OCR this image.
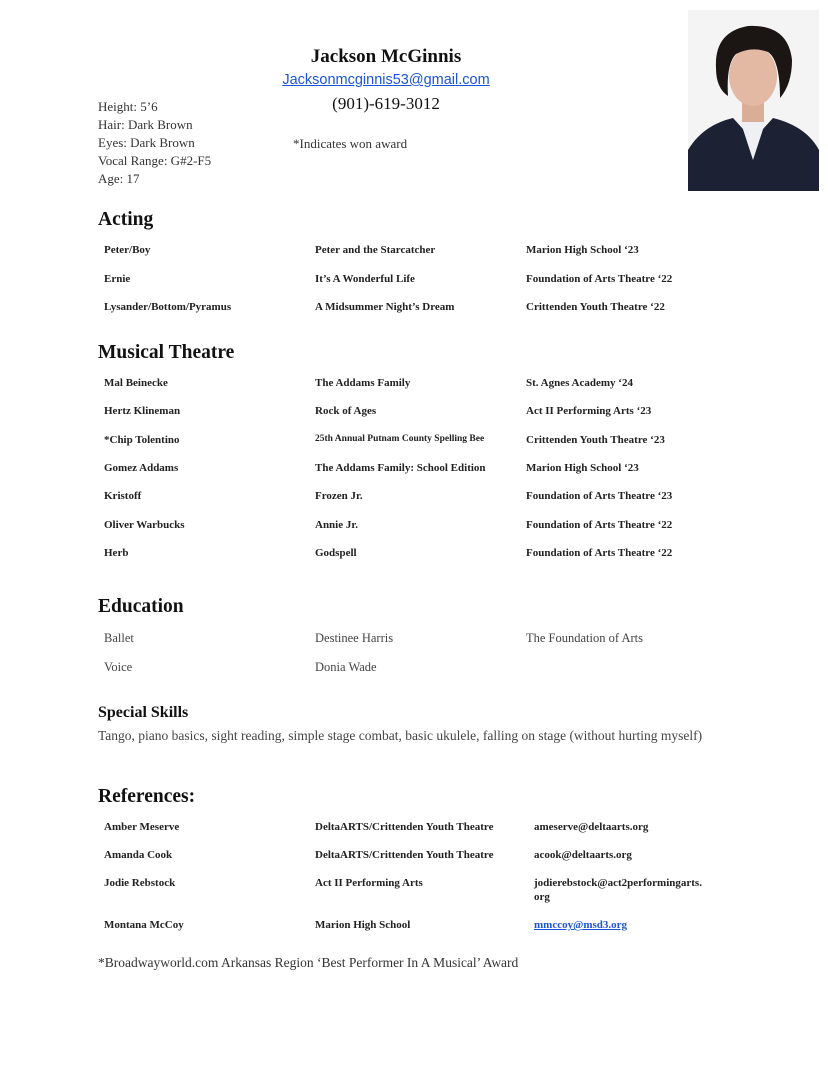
Jackson McGinnis
Jacksonmcginnis53@gmail.com
(901)-619-3012
Height: 5’6
Hair: Dark Brown
Eyes: Dark Brown
Vocal Range: G#2-F5
Age: 17
*Indicates won award
Acting
Peter/Boy	Peter and the Starcatcher	Marion High School ‘23
Ernie	It’s A Wonderful Life	Foundation of Arts Theatre ‘22
Lysander/Bottom/Pyramus	A Midsummer Night’s Dream	Crittenden Youth Theatre ‘22
Musical Theatre
Mal Beinecke	The Addams Family	St. Agnes Academy ‘24
Hertz Klineman	Rock of Ages	Act II Performing Arts ‘23
*Chip Tolentino	25th Annual Putnam County Spelling Bee	Crittenden Youth Theatre ‘23
Gomez Addams	The Addams Family: School Edition	Marion High School ‘23
Kristoff	Frozen Jr.	Foundation of Arts Theatre ‘23
Oliver Warbucks	Annie Jr.	Foundation of Arts Theatre ‘22
Herb	Godspell	Foundation of Arts Theatre ‘22
Education
Ballet	Destinee Harris	The Foundation of Arts
Voice	Donia Wade
Special Skills
Tango, piano basics, sight reading, simple stage combat, basic ukulele, falling on stage (without hurting myself)
References:
Amber Meserve	DeltaARTS/Crittenden Youth Theatre	ameserve@deltaarts.org
Amanda Cook	DeltaARTS/Crittenden Youth Theatre	acook@deltaarts.org
Jodie Rebstock	Act II Performing Arts	jodierebstock@act2performingarts.
org
Montana McCoy	Marion High School	mmccoy@msd3.org
*Broadwayworld.com Arkansas Region ‘Best Performer In A Musical’ Award
